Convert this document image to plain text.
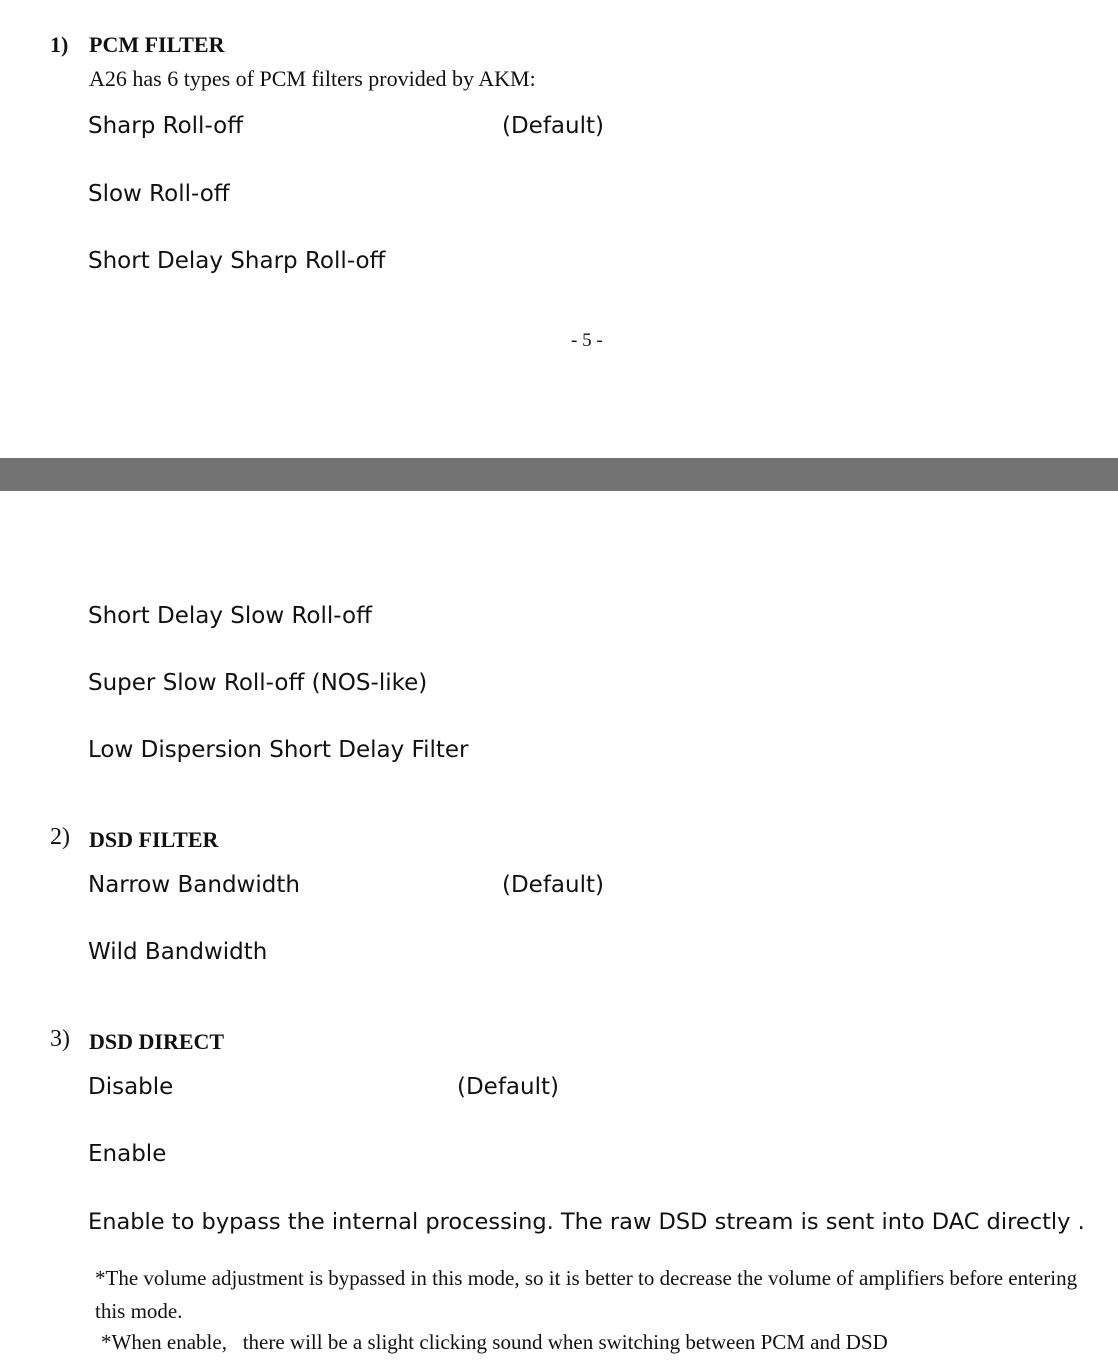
1) PCM FILTER
A26 has 6 types of PCM filters provided by AKM:
Sharp Roll-off	(Default)
Slow Roll-off
Short Delay Sharp Roll-off
- 5 -
Short Delay Slow Roll-off
Super Slow Roll-off (NOS-like)
Low Dispersion Short Delay Filter
2) DSD FILTER
Narrow Bandwidth	(Default)
Wild Bandwidth
3) DSD DIRECT
Disable	(Default)
Enable
Enable to bypass the internal processing. The raw DSD stream is sent into DAC directly .
*The volume adjustment is bypassed in this mode, so it is better to decrease the volume of amplifiers before entering this mode.
*When enable,   there will be a slight clicking sound when switching between PCM and DSD
